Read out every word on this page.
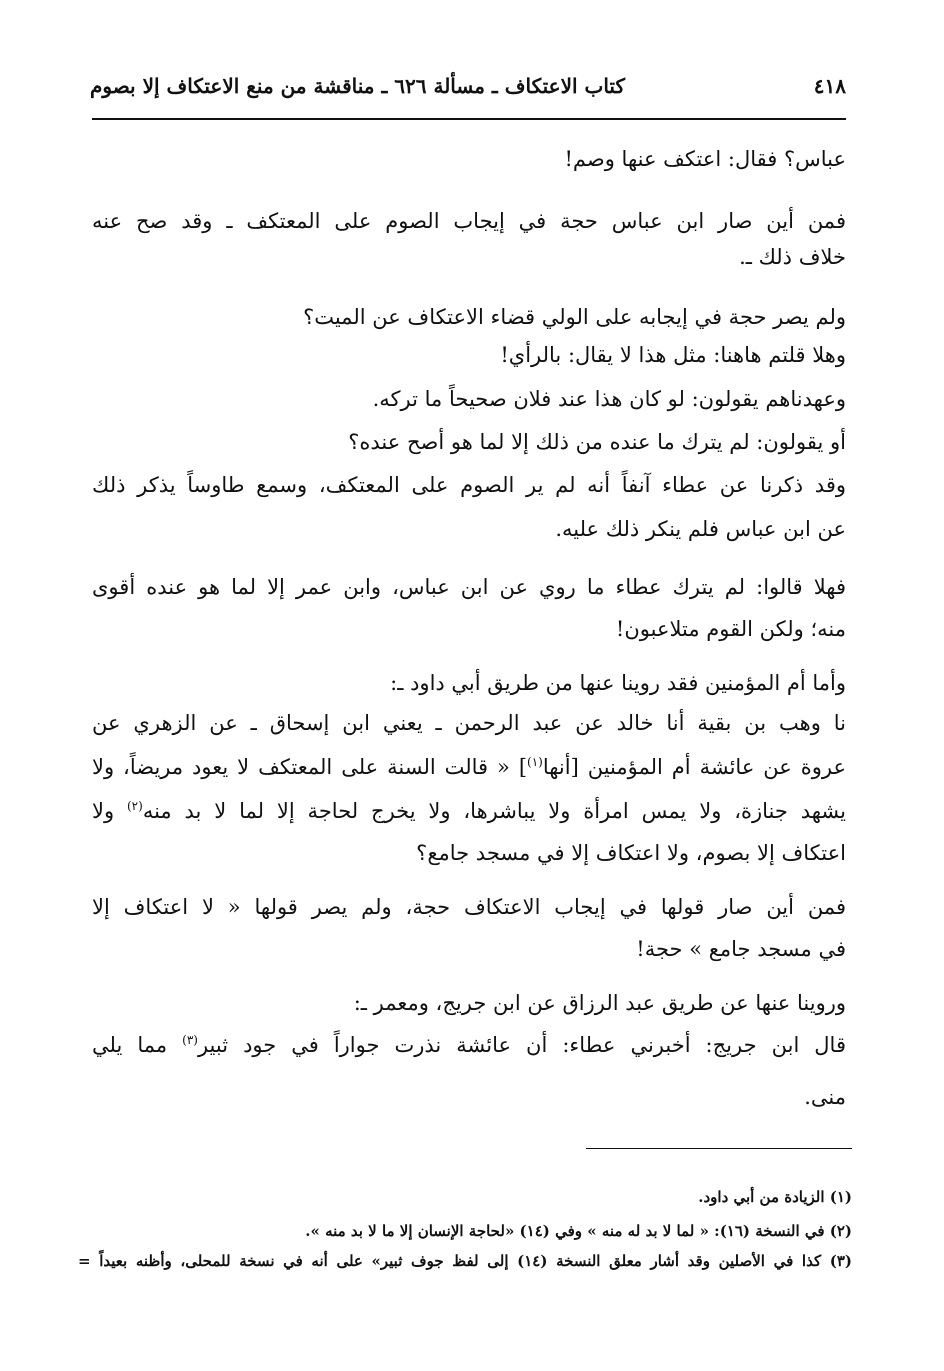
٤١٨
كتاب الاعتكاف ـ مسألة ٦٢٦ ـ مناقشة من منع الاعتكاف إلا بصوم
عباس؟ فقال: اعتكف عنها وصم!
فمن أين صار ابن عباس حجة في إيجاب الصوم على المعتكف ـ وقد صح عنه
خلاف ذلك ـ.
ولم يصر حجة في إيجابه على الولي قضاء الاعتكاف عن الميت؟
وهلا قلتم هاهنا: مثل هذا لا يقال: بالرأي!
وعهدناهم يقولون: لو كان هذا عند فلان صحيحاً ما تركه.
أو يقولون: لم يترك ما عنده من ذلك إلا لما هو أصح عنده؟
وقد ذكرنا عن عطاء آنفاً أنه لم ير الصوم على المعتكف، وسمع طاوساً يذكر ذلك
عن ابن عباس فلم ينكر ذلك عليه.
فهلا قالوا: لم يترك عطاء ما روي عن ابن عباس، وابن عمر إلا لما هو عنده أقوى
منه؛ ولكن القوم متلاعبون!
وأما أم المؤمنين فقد روينا عنها من طريق أبي داود ـ:
نا وهب بن بقية أنا خالد عن عبد الرحمن ـ يعني ابن إسحاق ـ عن الزهري عن
عروة عن عائشة أم المؤمنين [أنها$^{(١)}$] « قالت السنة على المعتكف لا يعود مريضاً، ولا
يشهد جنازة، ولا يمس امرأة ولا يباشرها، ولا يخرج لحاجة إلا لما لا بد منه$^{(٢)}$ ولا
اعتكاف إلا بصوم، ولا اعتكاف إلا في مسجد جامع؟
فمن أين صار قولها في إيجاب الاعتكاف حجة، ولم يصر قولها « لا اعتكاف إلا
في مسجد جامع » حجة!
وروينا عنها عن طريق عبد الرزاق عن ابن جريج، ومعمر ـ:
قال ابن جريج: أخبرني عطاء: أن عائشة نذرت جواراً في جود ثبير$^{(٣)}$ مما يلي
منى.
(١) الزيادة من أبي داود.
(٢) في النسخة (١٦): « لما لا بد له منه » وفي (١٤) «لحاجة الإنسان إلا ما لا بد منه ».
(٣) كذا في الأصلين وقد أشار معلق النسخة (١٤) إلى لفظ جوف ثبير» على أنه في نسخة للمحلى، وأظنه بعيداً =
